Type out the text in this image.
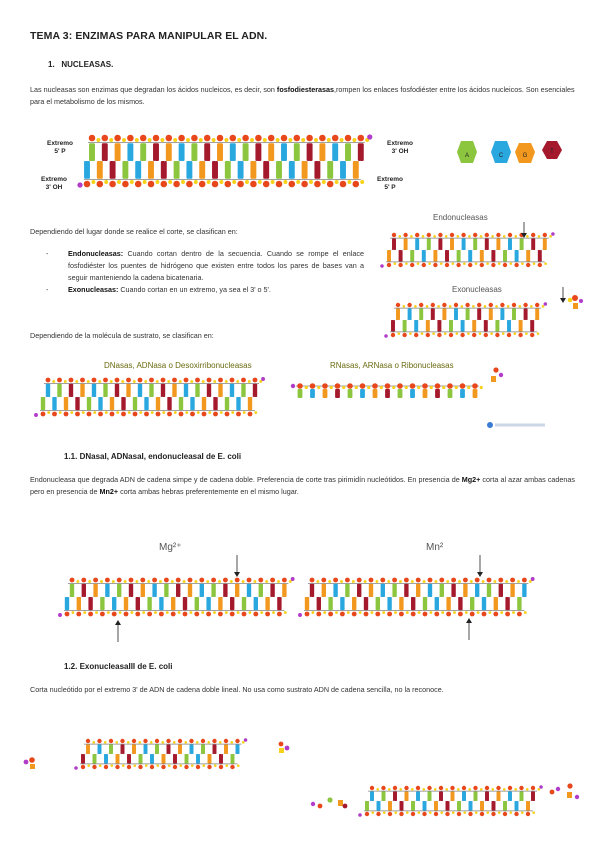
TEMA 3: ENZIMAS PARA MANIPULAR EL ADN.
1. NUCLEASAS.

Las nucleasas son enzimas que degradan los ácidos nucleicos, es decir, son fosfodiesterasas,rompen los enlaces fosfodiéster entre los ácidos nucleicos. Son esenciales para el metabolismo de los mismos.

Extremo
5' P
Extremo
3' OH
Extremo
3' OH
Extremo
5' P
A	C	G
T

Dependiendo del lugar donde se realice el corte, se clasifican en:

- Endonucleasas: Cuando cortan dentro de la secuencia. Cuando se rompe el enlace fosfodiéster los puentes de hidrógeno que existen entre todos los pares de bases van a seguir manteniendo la cadena bicatenaria.
- Exonucleasas: Cuando cortan en un extremo, ya sea el 3' o 5'.
Endonucleasas
Exonucleasas

Dependiendo de la molécula de sustrato, se clasifican en:

DNasas, ADNasa o Desoxirribonucleasas	RNasas, ARNasa o Ribonucleasas
1.1. DNasaI, ADNasaI, endonucleasaI de E. coli

Endonucleasa que degrada ADN de cadena simpe y de cadena doble. Preferencia de corte tras pirimidín nucleótidos. En presencia de Mg2+ corta al azar ambas cadenas pero en presencia de Mn2+ corta ambas hebras preferentemente en el mismo lugar.

Mg²⁺	Mn²
1.2. ExonucleasaIII de E. coli

Corta nucleótido por el extremo 3' de ADN de cadena doble lineal. No usa como sustrato ADN de cadena sencilla, no la reconoce.
